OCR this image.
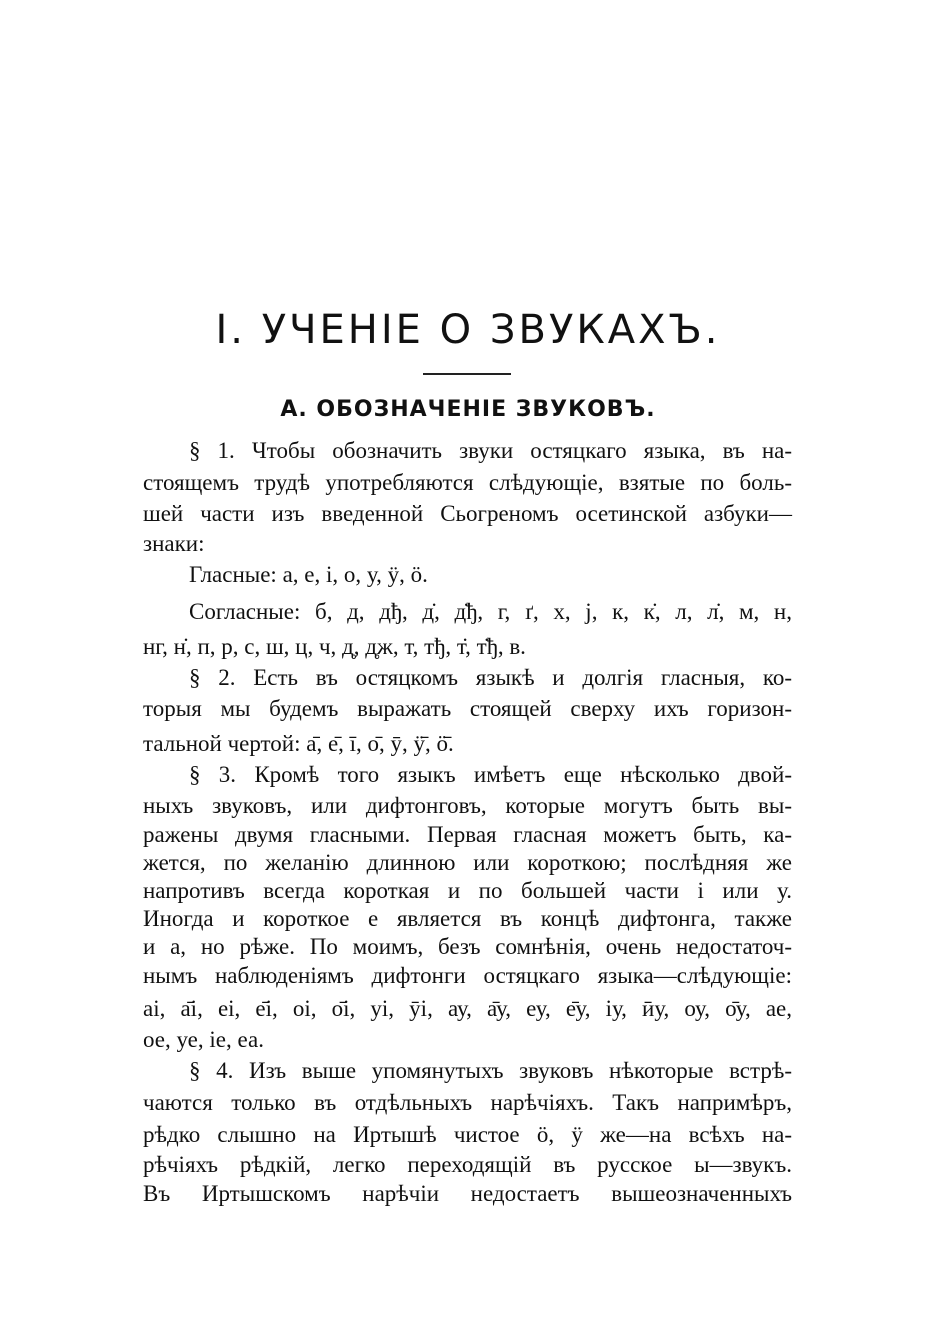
I. УЧЕНІЕ О ЗВУКАХЪ.
А. ОБОЗНАЧЕНІЕ ЗВУКОВЪ.
§ 1. Чтобы обозначить звуки остяцкаго языка, въ на-
стоящемъ трудѣ употребляются слѣдующіе, взятые по боль-
шей части изъ введенной Сьогреномъ осетинской азбуки—
знаки:
Гласные: а, е, і, о, у, ӱ, ӧ.
Согласные: б, д, дђ, д̇, д̇ђ, г, ґ, х, ј, к, к̇, л, л̇, м, н,
нг, н̇, п, р, с, ш, ц, ч, д̥, д̥ж, т, тђ, т̇, т̇ђ, в.
§ 2. Есть въ остяцкомъ языкѣ и долгія гласныя, ко-
торыя мы будемъ выражать стоящей сверху ихъ горизон-
тальной чертой: а̄, е̄, ī, о̄, ȳ, ӱ̄, ӧ̄.
§ 3. Кромѣ того языкъ имѣетъ еще нѣсколько двой-
ныхъ звуковъ, или дифтонговъ, которые могутъ быть вы-
ражены двумя гласными. Первая гласная можетъ быть, ка-
жется, по желанію длинною или короткою; послѣдняя же
напротивъ всегда короткая и по большей части і или у.
Иногда и короткое е является въ концѣ дифтонга, также
и а, но рѣже. По моимъ, безъ сомнѣнія, очень недостаточ-
нымъ наблюденіямъ дифтонги остяцкаго языка—слѣдующіе:
аі, а̄і, еі, е̄і, оі, о̄і, уі, ӯі, ау, а̄у, еу, е̄у, іу, ӣу, оу, о̄у, ае,
ое, уе, іе, еа.
§ 4. Изъ выше упомянутыхъ звуковъ нѣкоторые встрѣ-
чаются только въ отдѣльныхъ нарѣчіяхъ. Такъ напримѣръ,
рѣдко слышно на Иртышѣ чистое ӧ, ӱ же—на всѣхъ на-
рѣчіяхъ рѣдкій, легко переходящій въ русское ы—звукъ.
Въ Иртышскомъ нарѣчіи недостаетъ вышеозначенныхъ
